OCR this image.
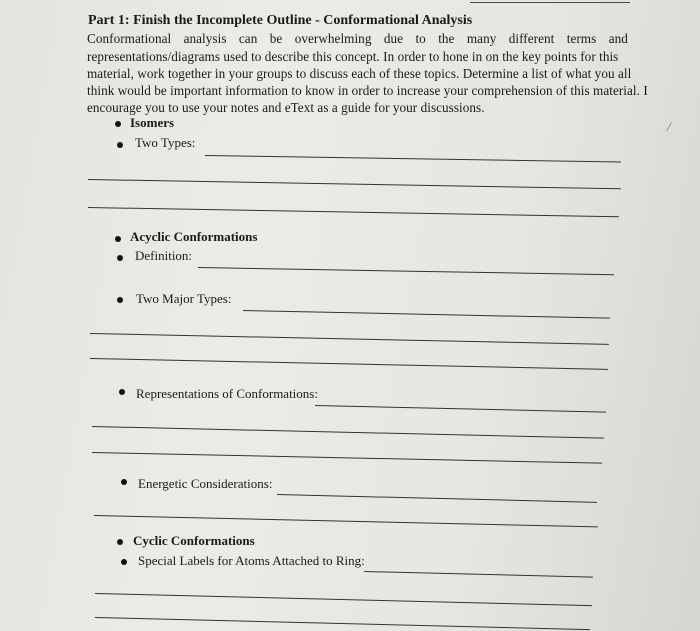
Part 1: Finish the Incomplete Outline - Conformational Analysis
Conformational analysis can be overwhelming due to the many different terms and
representations/diagrams used to describe this concept. In order to hone in on the key points for this
material, work together in your groups to discuss each of these topics. Determine a list of what you all
think would be important information to know in order to increase your comprehension of this material. I
encourage you to use your notes and eText as a guide for your discussions.
Isomers
Two Types:
Acyclic Conformations
Definition:
Two Major Types:
Representations of Conformations:
Energetic Considerations:
Cyclic Conformations
Special Labels for Atoms Attached to Ring:
